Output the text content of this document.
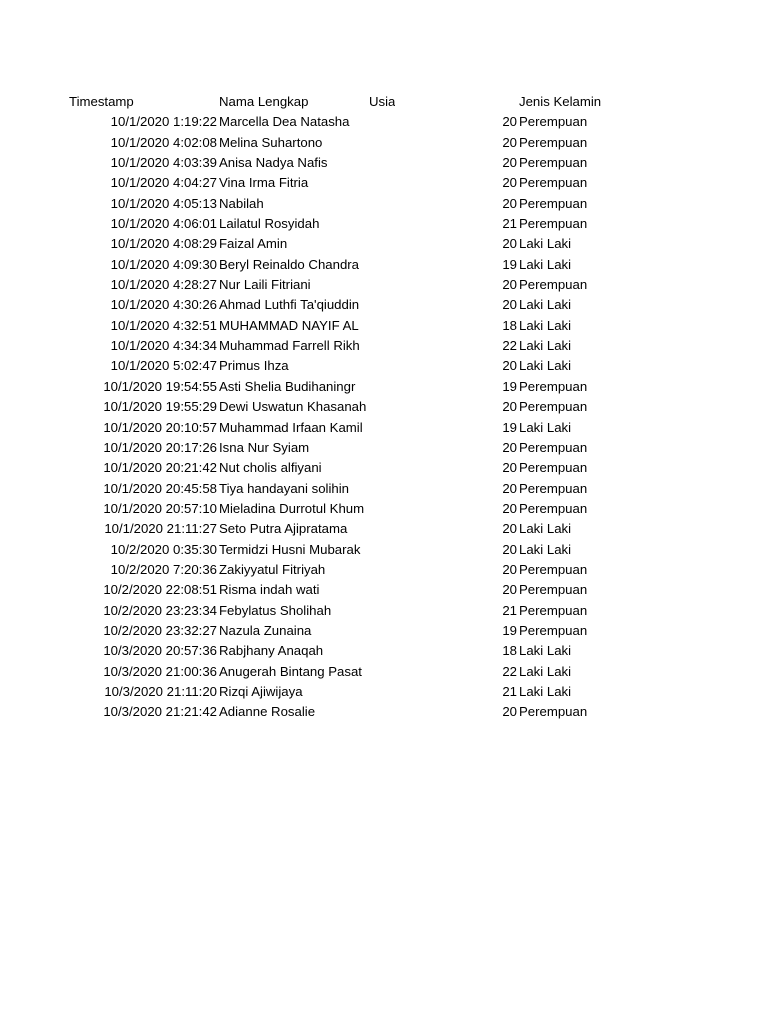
Timestamp	Nama Lengkap	Usia	Jenis Kelamin
10/1/2020 1:19:22 Marcella Dea Natasha	20 Perempuan
10/1/2020 4:02:08 Melina Suhartono	20 Perempuan
10/1/2020 4:03:39 Anisa Nadya Nafis	20 Perempuan
10/1/2020 4:04:27 Vina Irma Fitria	20 Perempuan
10/1/2020 4:05:13 Nabilah	20 Perempuan
10/1/2020 4:06:01 Lailatul Rosyidah	21 Perempuan
10/1/2020 4:08:29 Faizal Amin	20 Laki Laki
10/1/2020 4:09:30 Beryl Reinaldo Chandra	19 Laki Laki
10/1/2020 4:28:27 Nur Laili Fitriani	20 Perempuan
10/1/2020 4:30:26 Ahmad Luthfi Ta'qiuddin	20 Laki Laki
10/1/2020 4:32:51 MUHAMMAD NAYIF AL	18 Laki Laki
10/1/2020 4:34:34 Muhammad Farrell Rikh	22 Laki Laki
10/1/2020 5:02:47 Primus Ihza	20 Laki Laki
10/1/2020 19:54:55 Asti Shelia Budihaningr	19 Perempuan
10/1/2020 19:55:29 Dewi Uswatun Khasanah	20 Perempuan
10/1/2020 20:10:57 Muhammad Irfaan Kamil	19 Laki Laki
10/1/2020 20:17:26 Isna Nur Syiam	20 Perempuan
10/1/2020 20:21:42 Nut cholis alfiyani	20 Perempuan
10/1/2020 20:45:58 Tiya handayani solihin	20 Perempuan
10/1/2020 20:57:10 Mieladina Durrotul Khum	20 Perempuan
10/1/2020 21:11:27 Seto Putra Ajipratama	20 Laki Laki
10/2/2020 0:35:30 Termidzi Husni Mubarak	20 Laki Laki
10/2/2020 7:20:36 Zakiyyatul Fitriyah	20 Perempuan
10/2/2020 22:08:51 Risma indah wati	20 Perempuan
10/2/2020 23:23:34 Febylatus Sholihah	21 Perempuan
10/2/2020 23:32:27 Nazula Zunaina	19 Perempuan
10/3/2020 20:57:36 Rabjhany Anaqah	18 Laki Laki
10/3/2020 21:00:36 Anugerah Bintang Pasat	22 Laki Laki
10/3/2020 21:11:20 Rizqi Ajiwijaya	21 Laki Laki
10/3/2020 21:21:42 Adianne Rosalie	20 Perempuan
